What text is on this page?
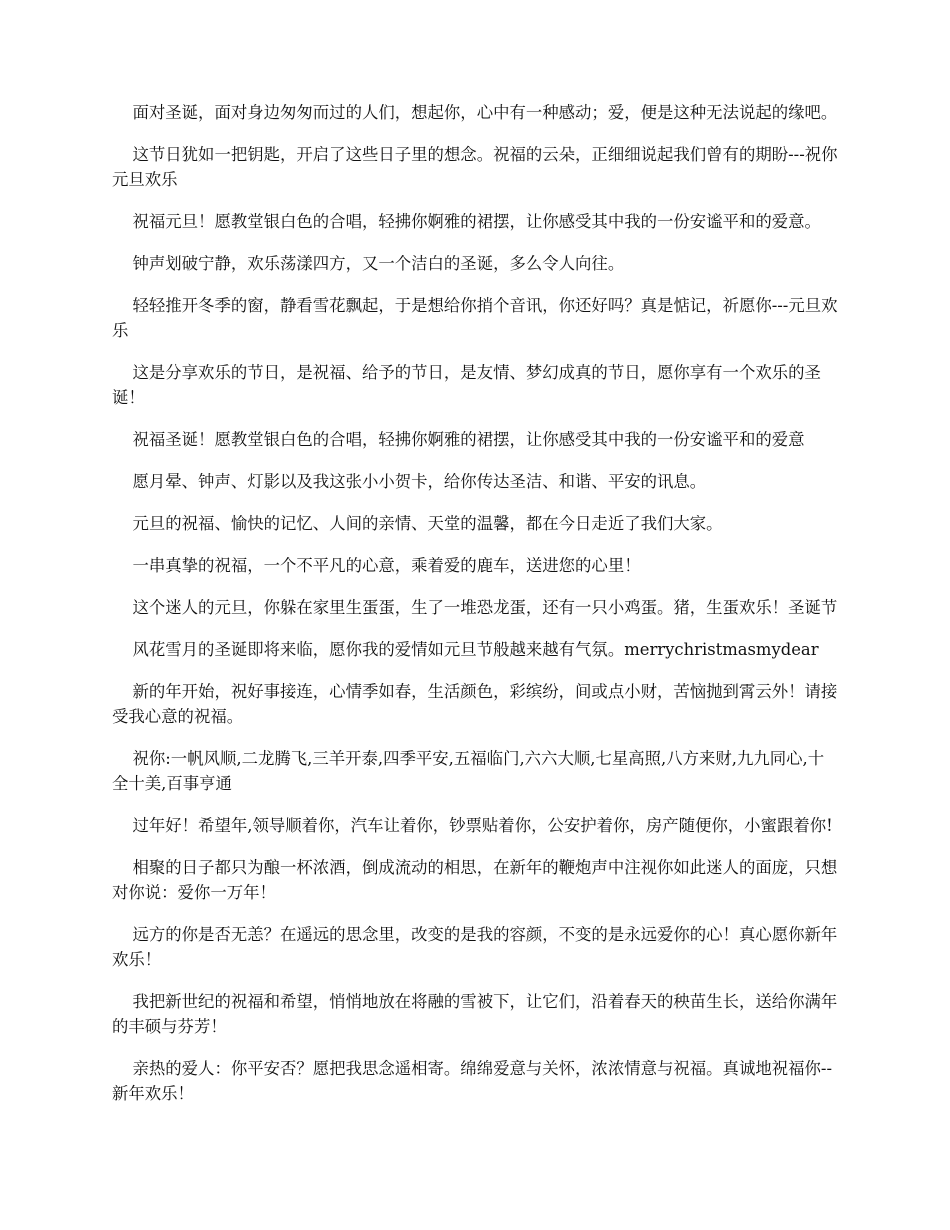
面对圣诞，面对身边匆匆而过的人们，想起你，心中有一种感动；爱，便是这种无法说起的缘吧。

这节日犹如一把钥匙，开启了这些日子里的想念。祝福的云朵，正细细说起我们曾有的期盼---祝你元旦欢乐

祝福元旦！愿教堂银白色的合唱，轻拂你婀雅的裙摆，让你感受其中我的一份安谧平和的爱意。

钟声划破宁静，欢乐荡漾四方，又一个洁白的圣诞，多么令人向往。

轻轻推开冬季的窗，静看雪花飘起，于是想给你捎个音讯，你还好吗？真是惦记，祈愿你---元旦欢乐

这是分享欢乐的节日，是祝福、给予的节日，是友情、梦幻成真的节日，愿你享有一个欢乐的圣诞！

祝福圣诞！愿教堂银白色的合唱，轻拂你婀雅的裙摆，让你感受其中我的一份安谧平和的爱意

愿月晕、钟声、灯影以及我这张小小贺卡，给你传达圣洁、和谐、平安的讯息。

元旦的祝福、愉快的记忆、人间的亲情、天堂的温馨，都在今日走近了我们大家。

一串真挚的祝福，一个不平凡的心意，乘着爱的鹿车，送进您的心里！

这个迷人的元旦，你躲在家里生蛋蛋，生了一堆恐龙蛋，还有一只小鸡蛋。猪，生蛋欢乐！圣诞节

风花雪月的圣诞即将来临，愿你我的爱情如元旦节般越来越有气氛。merrychristmasmydear

新的年开始，祝好事接连，心情季如春，生活颜色，彩缤纷，间或点小财，苦恼抛到霄云外！请接受我心意的祝福。

祝你:一帆风顺,二龙腾飞,三羊开泰,四季平安,五福临门,六六大顺,七星高照,八方来财,九九同心,十全十美,百事亨通

过年好！希望年,领导顺着你，汽车让着你，钞票贴着你，公安护着你，房产随便你，小蜜跟着你!

相聚的日子都只为酿一杯浓酒，倒成流动的相思，在新年的鞭炮声中注视你如此迷人的面庞，只想对你说：爱你一万年！

远方的你是否无恙？在遥远的思念里，改变的是我的容颜，不变的是永远爱你的心！真心愿你新年欢乐！

我把新世纪的祝福和希望，悄悄地放在将融的雪被下，让它们，沿着春天的秧苗生长，送给你满年的丰硕与芬芳！

亲热的爱人：你平安否？愿把我思念遥相寄。绵绵爱意与关怀，浓浓情意与祝福。真诚地祝福你--新年欢乐！
